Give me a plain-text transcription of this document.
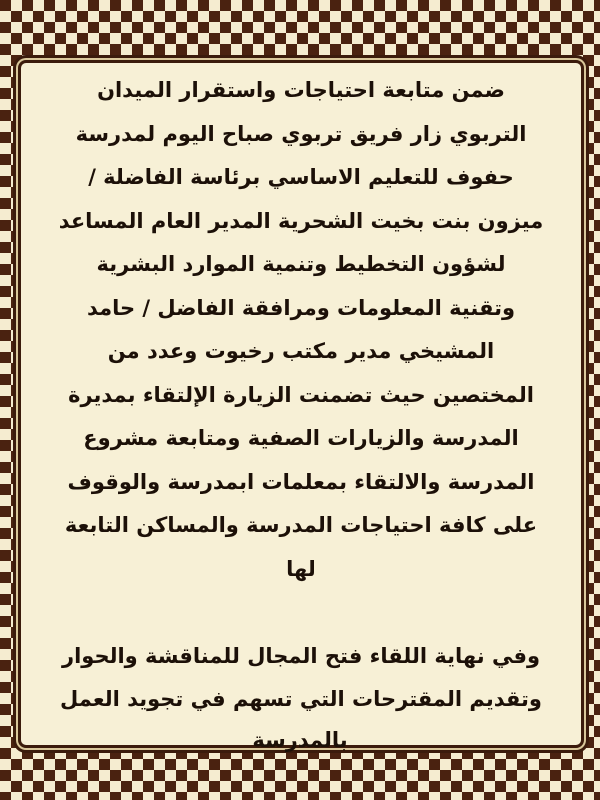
ضمن متابعة احتياجات واستقرار الميدان
التربوي زار فريق تربوي صباح اليوم لمدرسة
حفوف للتعليم الاساسي برئاسة الفاضلة /
ميزون بنت بخيت الشحرية المدير العام المساعد
لشؤون التخطيط وتنمية الموارد البشرية
وتقنية المعلومات ومرافقة الفاضل / حامد
المشيخي مدير مكتب رخيوت وعدد من
المختصين حيث تضمنت الزيارة الإلتقاء بمديرة
المدرسة والزيارات الصفية ومتابعة مشروع
المدرسة والالتقاء بمعلمات ابمدرسة والوقوف
على كافة احتياجات المدرسة والمساكن التابعة
لها
وفي نهاية اللقاء فتح المجال للمناقشة والحوار
وتقديم المقترحات التي تسهم في تجويد العمل
بالمدرسة
